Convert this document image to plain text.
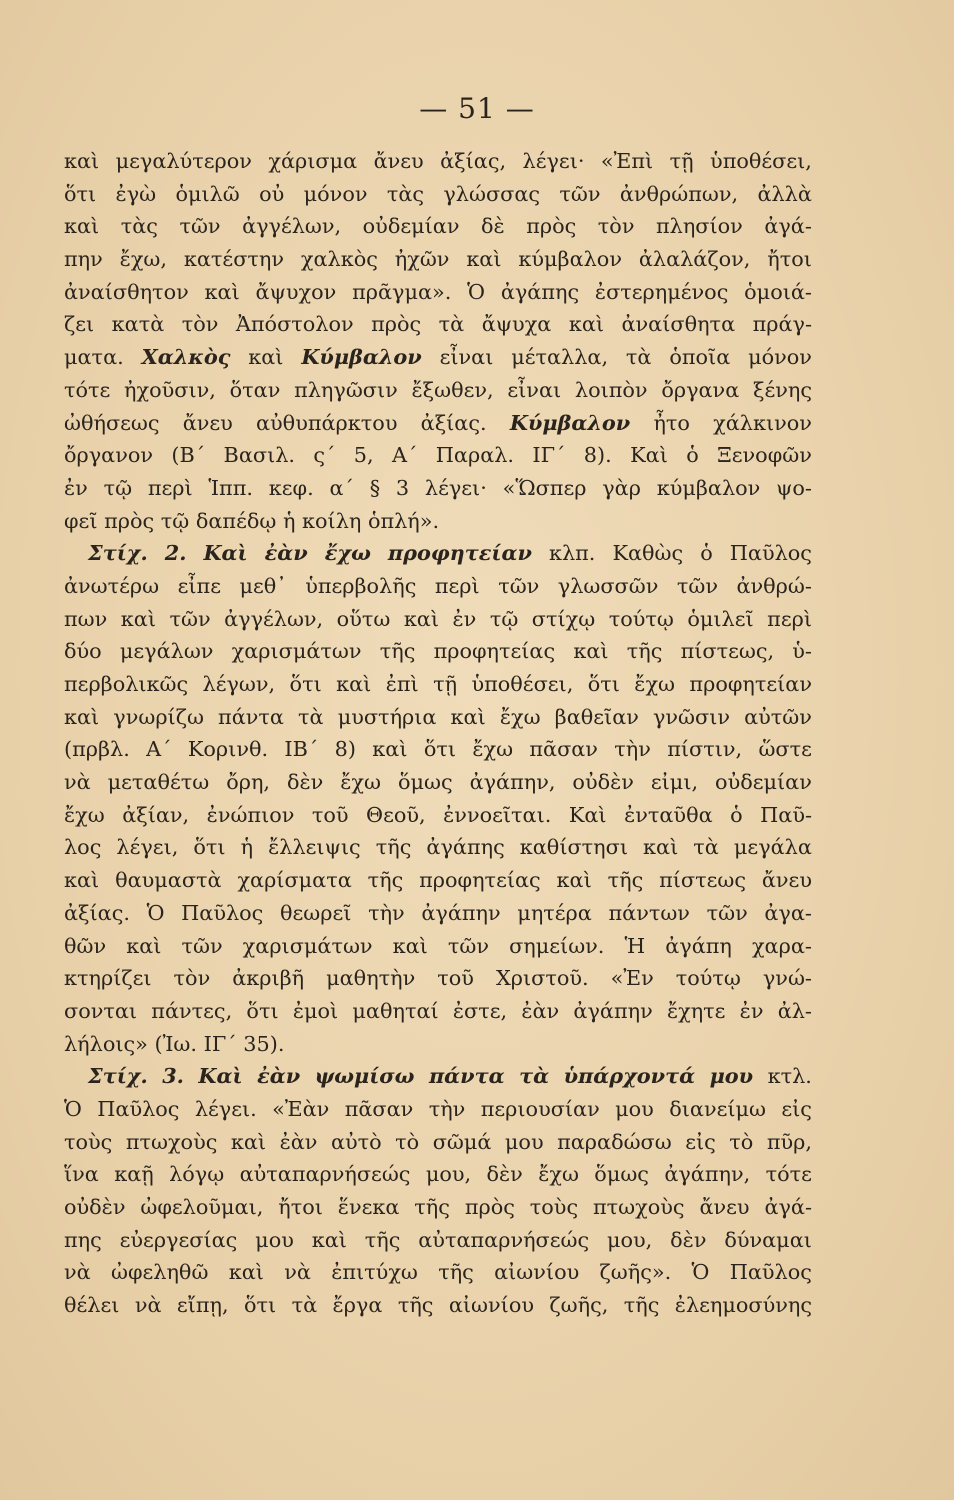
— 51 —
καὶ μεγαλύτερον χάρισμα ἄνευ ἀξίας, λέγει· «Ἐπὶ τῇ ὑποθέσει,
ὅτι ἐγὼ ὁμιλῶ οὐ μόνον τὰς γλώσσας τῶν ἀνθρώπων, ἀλλὰ
καὶ τὰς τῶν ἀγγέλων, οὐδεμίαν δὲ πρὸς τὸν πλησίον ἀγά-
πην ἔχω, κατέστην χαλκὸς ἠχῶν καὶ κύμβαλον ἀλαλάζον, ἤτοι
ἀναίσθητον καὶ ἄψυχον πρᾶγμα». Ὁ ἀγάπης ἐστερημένος ὁμοιά-
ζει κατὰ τὸν Ἀπόστολον πρὸς τὰ ἄψυχα καὶ ἀναίσθητα πράγ-
ματα. Χαλκὸς καὶ Κύμβαλον εἶναι μέταλλα, τὰ ὁποῖα μόνον
τότε ἠχοῦσιν, ὅταν πληγῶσιν ἔξωθεν, εἶναι λοιπὸν ὄργανα ξένης
ὠθήσεως ἄνευ αὐθυπάρκτου ἀξίας. Κύμβαλον ἦτο χάλκινον
ὄργανον (Β΄ Βασιλ. ς΄ 5, Α΄ Παραλ. ΙΓ΄ 8). Καὶ ὁ Ξενοφῶν
ἐν τῷ περὶ Ἱππ. κεφ. α΄ § 3 λέγει· «Ὥσπερ γὰρ κύμβαλον ψο-
φεῖ πρὸς τῷ δαπέδῳ ἡ κοίλη ὁπλή».
Στίχ. 2. Καὶ ἐὰν ἔχω προφητείαν κλπ. Καθὼς ὁ Παῦλος
ἀνωτέρω εἶπε μεθ᾽ ὑπερβολῆς περὶ τῶν γλωσσῶν τῶν ἀνθρώ-
πων καὶ τῶν ἀγγέλων, οὕτω καὶ ἐν τῷ στίχῳ τούτῳ ὁμιλεῖ περὶ
δύο μεγάλων χαρισμάτων τῆς προφητείας καὶ τῆς πίστεως, ὑ-
περβολικῶς λέγων, ὅτι καὶ ἐπὶ τῇ ὑποθέσει, ὅτι ἔχω προφητείαν
καὶ γνωρίζω πάντα τὰ μυστήρια καὶ ἔχω βαθεῖαν γνῶσιν αὐτῶν
(πρβλ. Α΄ Κορινθ. ΙΒ΄ 8) καὶ ὅτι ἔχω πᾶσαν τὴν πίστιν, ὥστε
νὰ μεταθέτω ὄρη, δὲν ἔχω ὅμως ἀγάπην, οὐδὲν εἰμι, οὐδεμίαν
ἔχω ἀξίαν, ἐνώπιον τοῦ Θεοῦ, ἐννοεῖται. Καὶ ἐνταῦθα ὁ Παῦ-
λος λέγει, ὅτι ἡ ἔλλειψις τῆς ἀγάπης καθίστησι καὶ τὰ μεγάλα
καὶ θαυμαστὰ χαρίσματα τῆς προφητείας καὶ τῆς πίστεως ἄνευ
ἀξίας. Ὁ Παῦλος θεωρεῖ τὴν ἀγάπην μητέρα πάντων τῶν ἀγα-
θῶν καὶ τῶν χαρισμάτων καὶ τῶν σημείων. Ἡ ἀγάπη χαρα-
κτηρίζει τὸν ἀκριβῆ μαθητὴν τοῦ Χριστοῦ. «Ἐν τούτῳ γνώ-
σονται πάντες, ὅτι ἐμοὶ μαθηταί ἐστε, ἐὰν ἀγάπην ἔχητε ἐν ἀλ-
λήλοις» (Ἰω. ΙΓ΄ 35).
Στίχ. 3. Καὶ ἐὰν ψωμίσω πάντα τὰ ὑπάρχοντά μου κτλ.
Ὁ Παῦλος λέγει. «Ἐὰν πᾶσαν τὴν περιουσίαν μου διανείμω εἰς
τοὺς πτωχοὺς καὶ ἐὰν αὐτὸ τὸ σῶμά μου παραδώσω εἰς τὸ πῦρ,
ἵνα καῇ λόγῳ αὐταπαρνήσεώς μου, δὲν ἔχω ὅμως ἀγάπην, τότε
οὐδὲν ὠφελοῦμαι, ἤτοι ἕνεκα τῆς πρὸς τοὺς πτωχοὺς ἄνευ ἀγά-
πης εὐεργεσίας μου καὶ τῆς αὐταπαρνήσεώς μου, δὲν δύναμαι
νὰ ὠφεληθῶ καὶ νὰ ἐπιτύχω τῆς αἰωνίου ζωῆς». Ὁ Παῦλος
θέλει νὰ εἴπῃ, ὅτι τὰ ἔργα τῆς αἰωνίου ζωῆς, τῆς ἐλεημοσύνης
